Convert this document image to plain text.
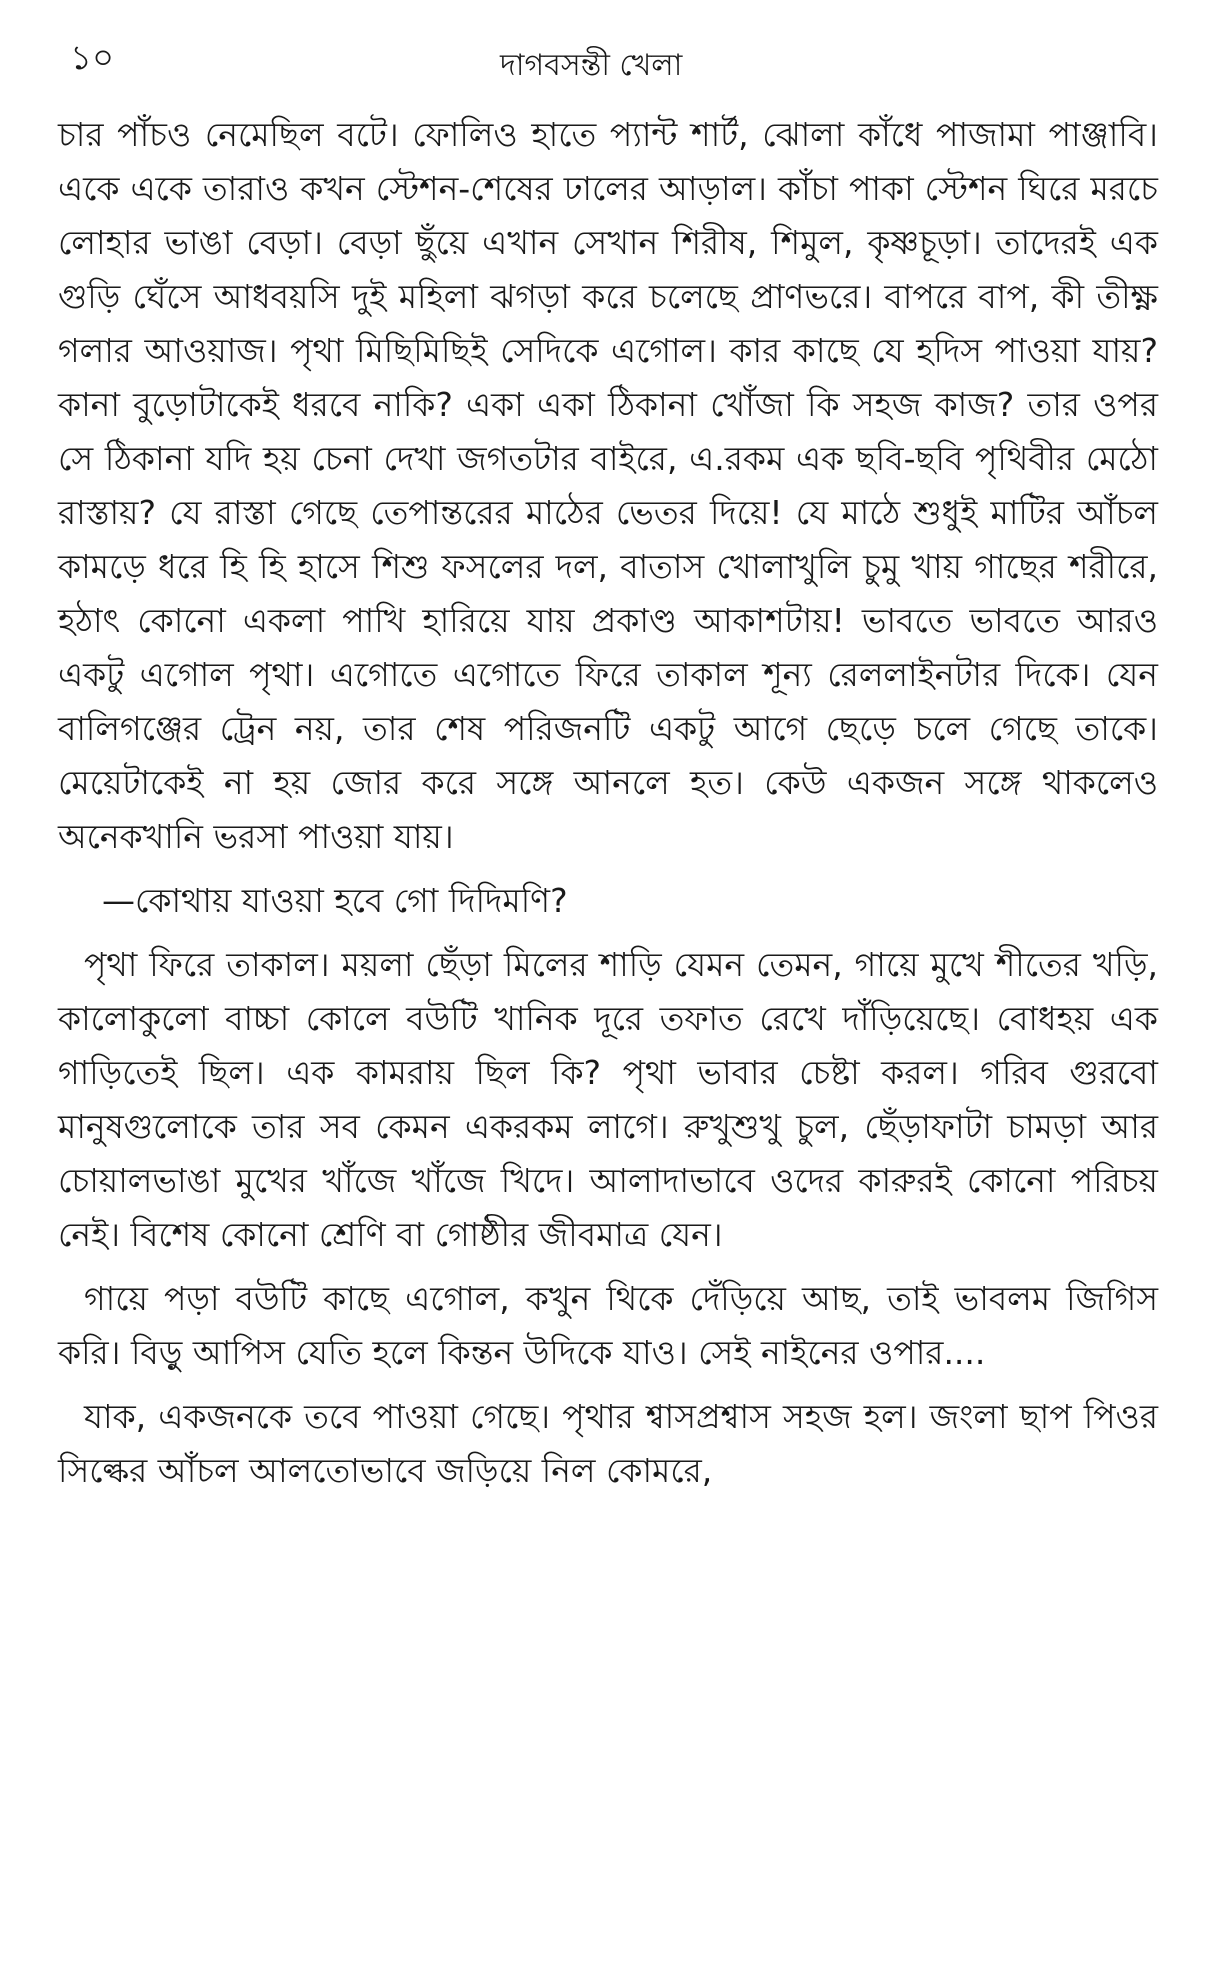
১০	দাগবসন্তী খেলা

চার পাঁচও নেমেছিল বটে। ফোলিও হাতে প্যান্ট শার্ট, ঝোলা কাঁধে পাজামা পাঞ্জাবি। একে একে তারাও কখন স্টেশন-শেষের ঢালের আড়াল। কাঁচা পাকা স্টেশন ঘিরে মরচে লোহার ভাঙা বেড়া। বেড়া ছুঁয়ে এখান সেখান শিরীষ, শিমুল, কৃষ্ণচূড়া। তাদেরই এক গুড়ি ঘেঁসে আধবয়সি দুই মহিলা ঝগড়া করে চলেছে প্রাণভরে। বাপরে বাপ, কী তীক্ষ্ণ গলার আওয়াজ। পৃথা মিছিমিছিই সেদিকে এগোল। কার কাছে যে হদিস পাওয়া যায়? কানা বুড়োটাকেই ধরবে নাকি? একা একা ঠিকানা খোঁজা কি সহজ কাজ? তার ওপর সে ঠিকানা যদি হয় চেনা দেখা জগতটার বাইরে, এ.রকম এক ছবি-ছবি পৃথিবীর মেঠো রাস্তায়? যে রাস্তা গেছে তেপান্তরের মাঠের ভেতর দিয়ে! যে মাঠে শুধুই মাটির আঁচল কামড়ে ধরে হি হি হাসে শিশু ফসলের দল, বাতাস খোলাখুলি চুমু খায় গাছের শরীরে, হঠাৎ কোনো একলা পাখি হারিয়ে যায় প্রকাণ্ড আকাশটায়! ভাবতে ভাবতে আরও একটু এগোল পৃথা। এগোতে এগোতে ফিরে তাকাল শূন্য রেললাইনটার দিকে। যেন বালিগঞ্জের ট্রেন নয়, তার শেষ পরিজনটি একটু আগে ছেড়ে চলে গেছে তাকে। মেয়েটাকেই না হয় জোর করে সঙ্গে আনলে হত। কেউ একজন সঙ্গে থাকলেও অনেকখানি ভরসা পাওয়া যায়।

—কোথায় যাওয়া হবে গো দিদিমণি?

পৃথা ফিরে তাকাল। ময়লা ছেঁড়া মিলের শাড়ি যেমন তেমন, গায়ে মুখে শীতের খড়ি, কালোকুলো বাচ্চা কোলে বউটি খানিক দূরে তফাত রেখে দাঁড়িয়েছে। বোধহয় এক গাড়িতেই ছিল। এক কামরায় ছিল কি? পৃথা ভাবার চেষ্টা করল। গরিব গুরবো মানুষগুলোকে তার সব কেমন একরকম লাগে। রুখুশুখু চুল, ছেঁড়াফাটা চামড়া আর চোয়ালভাঙা মুখের খাঁজে খাঁজে খিদে। আলাদাভাবে ওদের কারুরই কোনো পরিচয় নেই। বিশেষ কোনো শ্রেণি বা গোষ্ঠীর জীবমাত্র যেন।

গায়ে পড়া বউটি কাছে এগোল, কখুন থিকে দেঁড়িয়ে আছ, তাই ভাবলম জিগিস করি। বিড়ু আপিস যেতি হলে কিন্তন উদিকে যাও। সেই নাইনের ওপার....

যাক, একজনকে তবে পাওয়া গেছে। পৃথার শ্বাসপ্রশ্বাস সহজ হল। জংলা ছাপ পিওর সিল্কের আঁচল আলতোভাবে জড়িয়ে নিল কোমরে,
